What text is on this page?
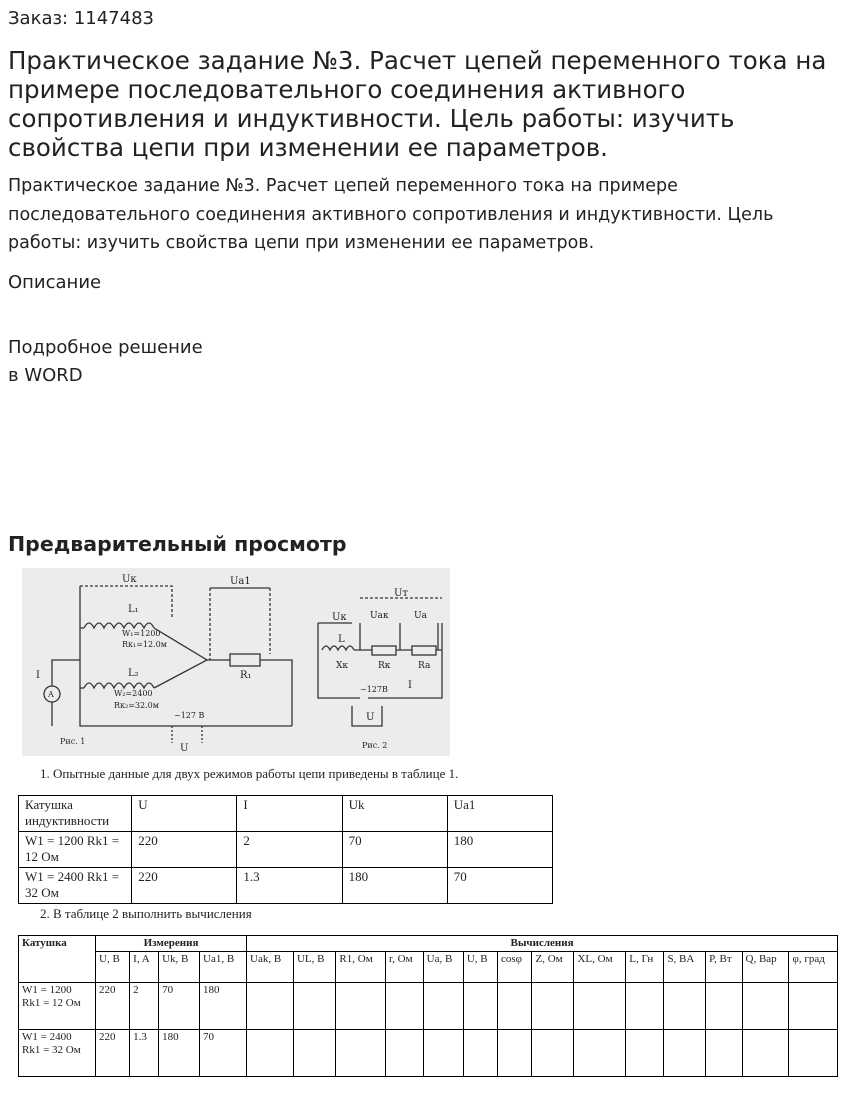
Заказ: 1147483
Практическое задание №3. Расчет цепей переменного тока на примере последовательного соединения активного сопротивления и индуктивности. Цель работы: изучить свойства цепи при изменении ее параметров.
Практическое задание №3. Расчет цепей переменного тока на примере последовательного соединения активного сопротивления и индуктивности. Цель работы: изучить свойства цепи при изменении ее параметров.
Описание
Подробное решение
в WORD
Предварительный просмотр
Uк	Ua1
L₁
W₁=1200
Rк₁=12.0м
L₂
W₂=2400
Rк₂=32.0м
R₁
A
I
U
~127 B
Рис. 1
Uт
Uк	Uaк	Ua
L
Xк	Rк	Ra
~127В I
U
Рис. 2
1. Опытные данные для двух режимов работы цепи приведены в таблице 1.
Катушка индуктивности	U	I	Uk	Ua1
W1 = 1200 Rk1 = 12 Ом	220	2	70	180
W1 = 2400 Rk1 = 32 Ом	220	1.3	180	70
2. В таблице 2 выполнить вычисления
Катушка	Измерения				Вычисления													
	U, B	I, A	Uk, B	Ua1, B	Uak, B	UL, B	R1, Ом	r, Ом	Ua, B	U, B	cosφ	Z, Ом	XL, Ом	L, Гн	S, BA	P, Вт	Q, Вар	φ, град
W1 = 1200 Rk1 = 12 Ом	220	2	70	180														
W1 = 2400 Rk1 = 32 Ом	220	1.3	180	70														
